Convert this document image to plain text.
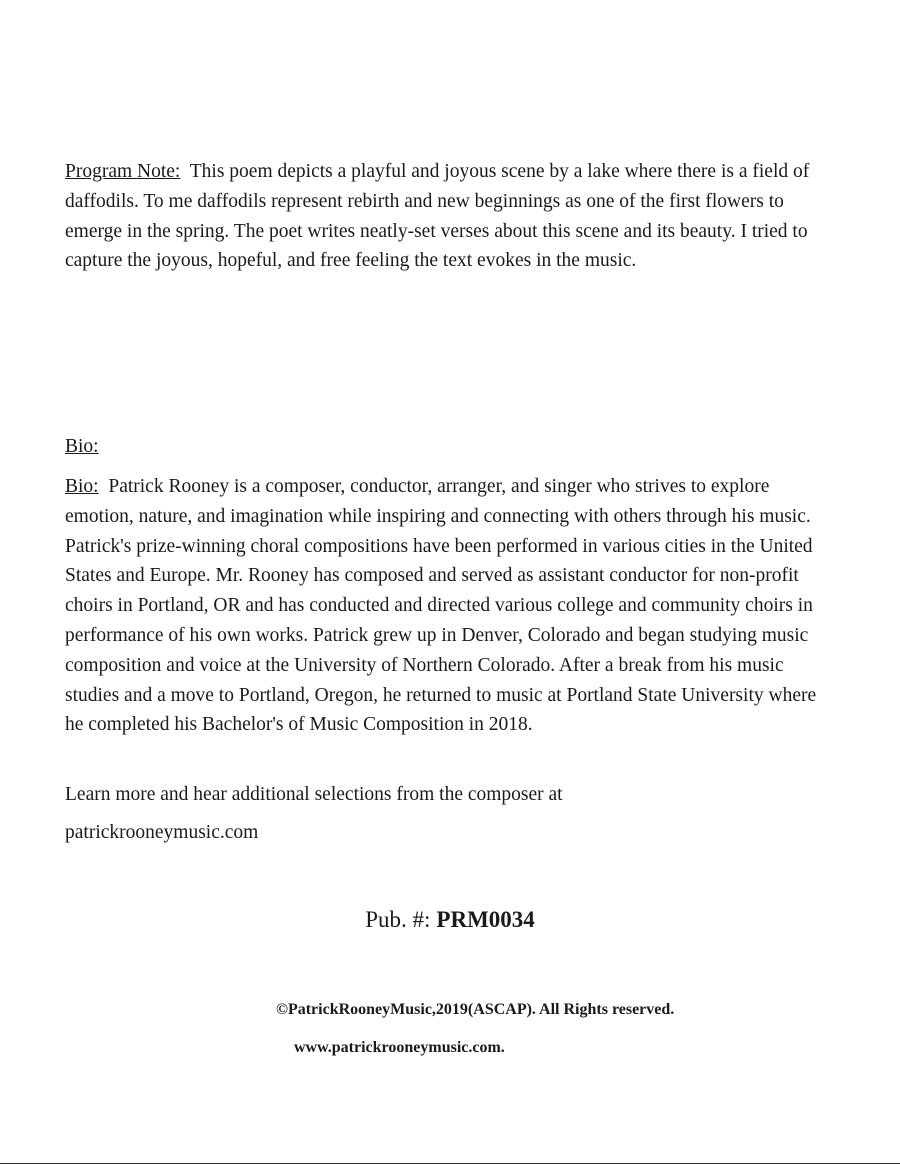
Program Note: This poem depicts a playful and joyous scene by a lake where there is a field of daffodils. To me daffodils represent rebirth and new beginnings as one of the first flowers to emerge in the spring. The poet writes neatly-set verses about this scene and its beauty. I tried to capture the joyous, hopeful, and free feeling the text evokes in the music.

Bio:

Bio: Patrick Rooney is a composer, conductor, arranger, and singer who strives to explore emotion, nature, and imagination while inspiring and connecting with others through his music. Patrick's prize-winning choral compositions have been performed in various cities in the United States and Europe. Mr. Rooney has composed and served as assistant conductor for non-profit choirs in Portland, OR and has conducted and directed various college and community choirs in performance of his own works. Patrick grew up in Denver, Colorado and began studying music composition and voice at the University of Northern Colorado. After a break from his music studies and a move to Portland, Oregon, he returned to music at Portland State University where he completed his Bachelor's of Music Composition in 2018.

Learn more and hear additional selections from the composer at

patrickrooneymusic.com

Pub. #: PRM0034
©PatrickRooneyMusic,2019(ASCAP). All Rights reserved.
www.patrickrooneymusic.com.
